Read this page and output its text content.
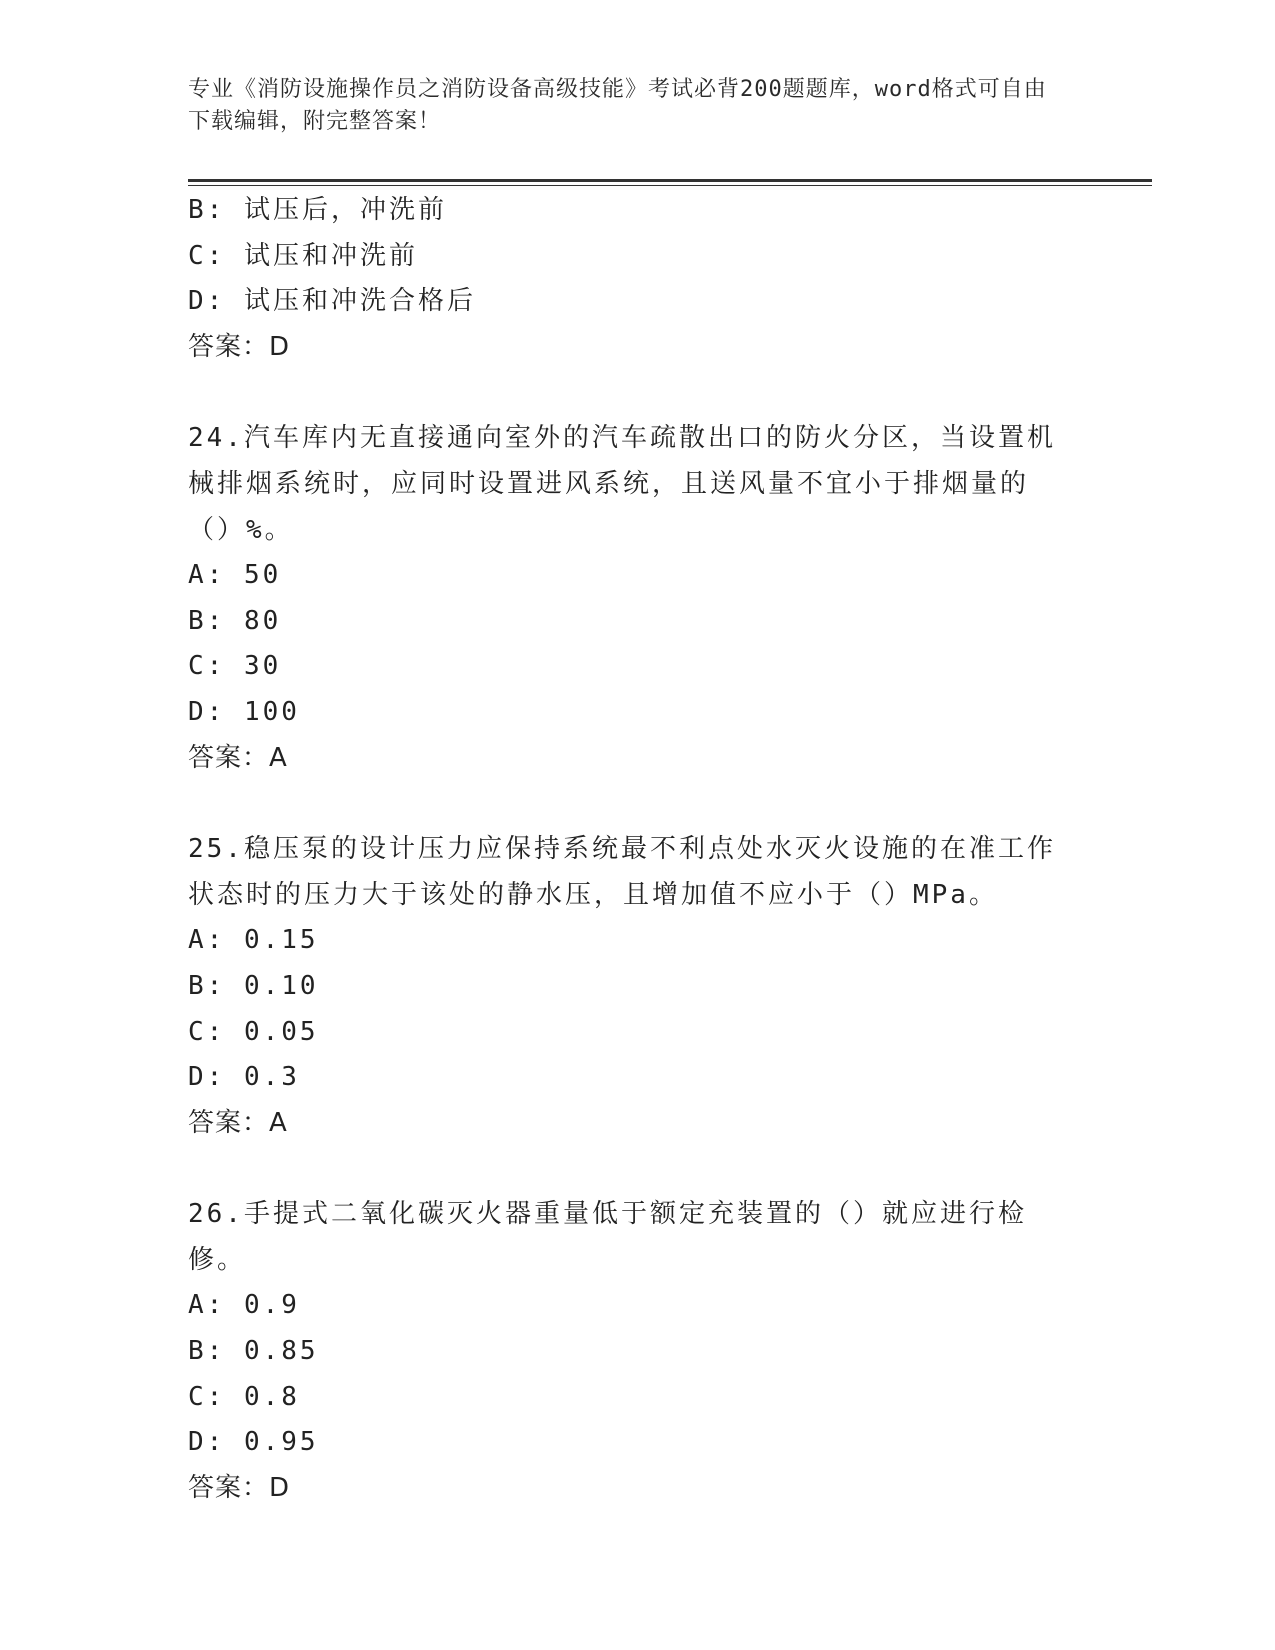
专业《消防设施操作员之消防设备高级技能》考试必背200题题库，word格式可自由下载编辑，附完整答案！
B: 试压后，冲洗前
C: 试压和冲洗前
D: 试压和冲洗合格后
答案：D
24.汽车库内无直接通向室外的汽车疏散出口的防火分区，当设置机械排烟系统时，应同时设置进风系统，且送风量不宜小于排烟量的（）%。
A: 50
B: 80
C: 30
D: 100
答案：A
25.稳压泵的设计压力应保持系统最不利点处水灭火设施的在准工作状态时的压力大于该处的静水压，且增加值不应小于（）MPa。
A: 0.15
B: 0.10
C: 0.05
D: 0.3
答案：A
26.手提式二氧化碳灭火器重量低于额定充装置的（）就应进行检修。
A: 0.9
B: 0.85
C: 0.8
D: 0.95
答案：D
